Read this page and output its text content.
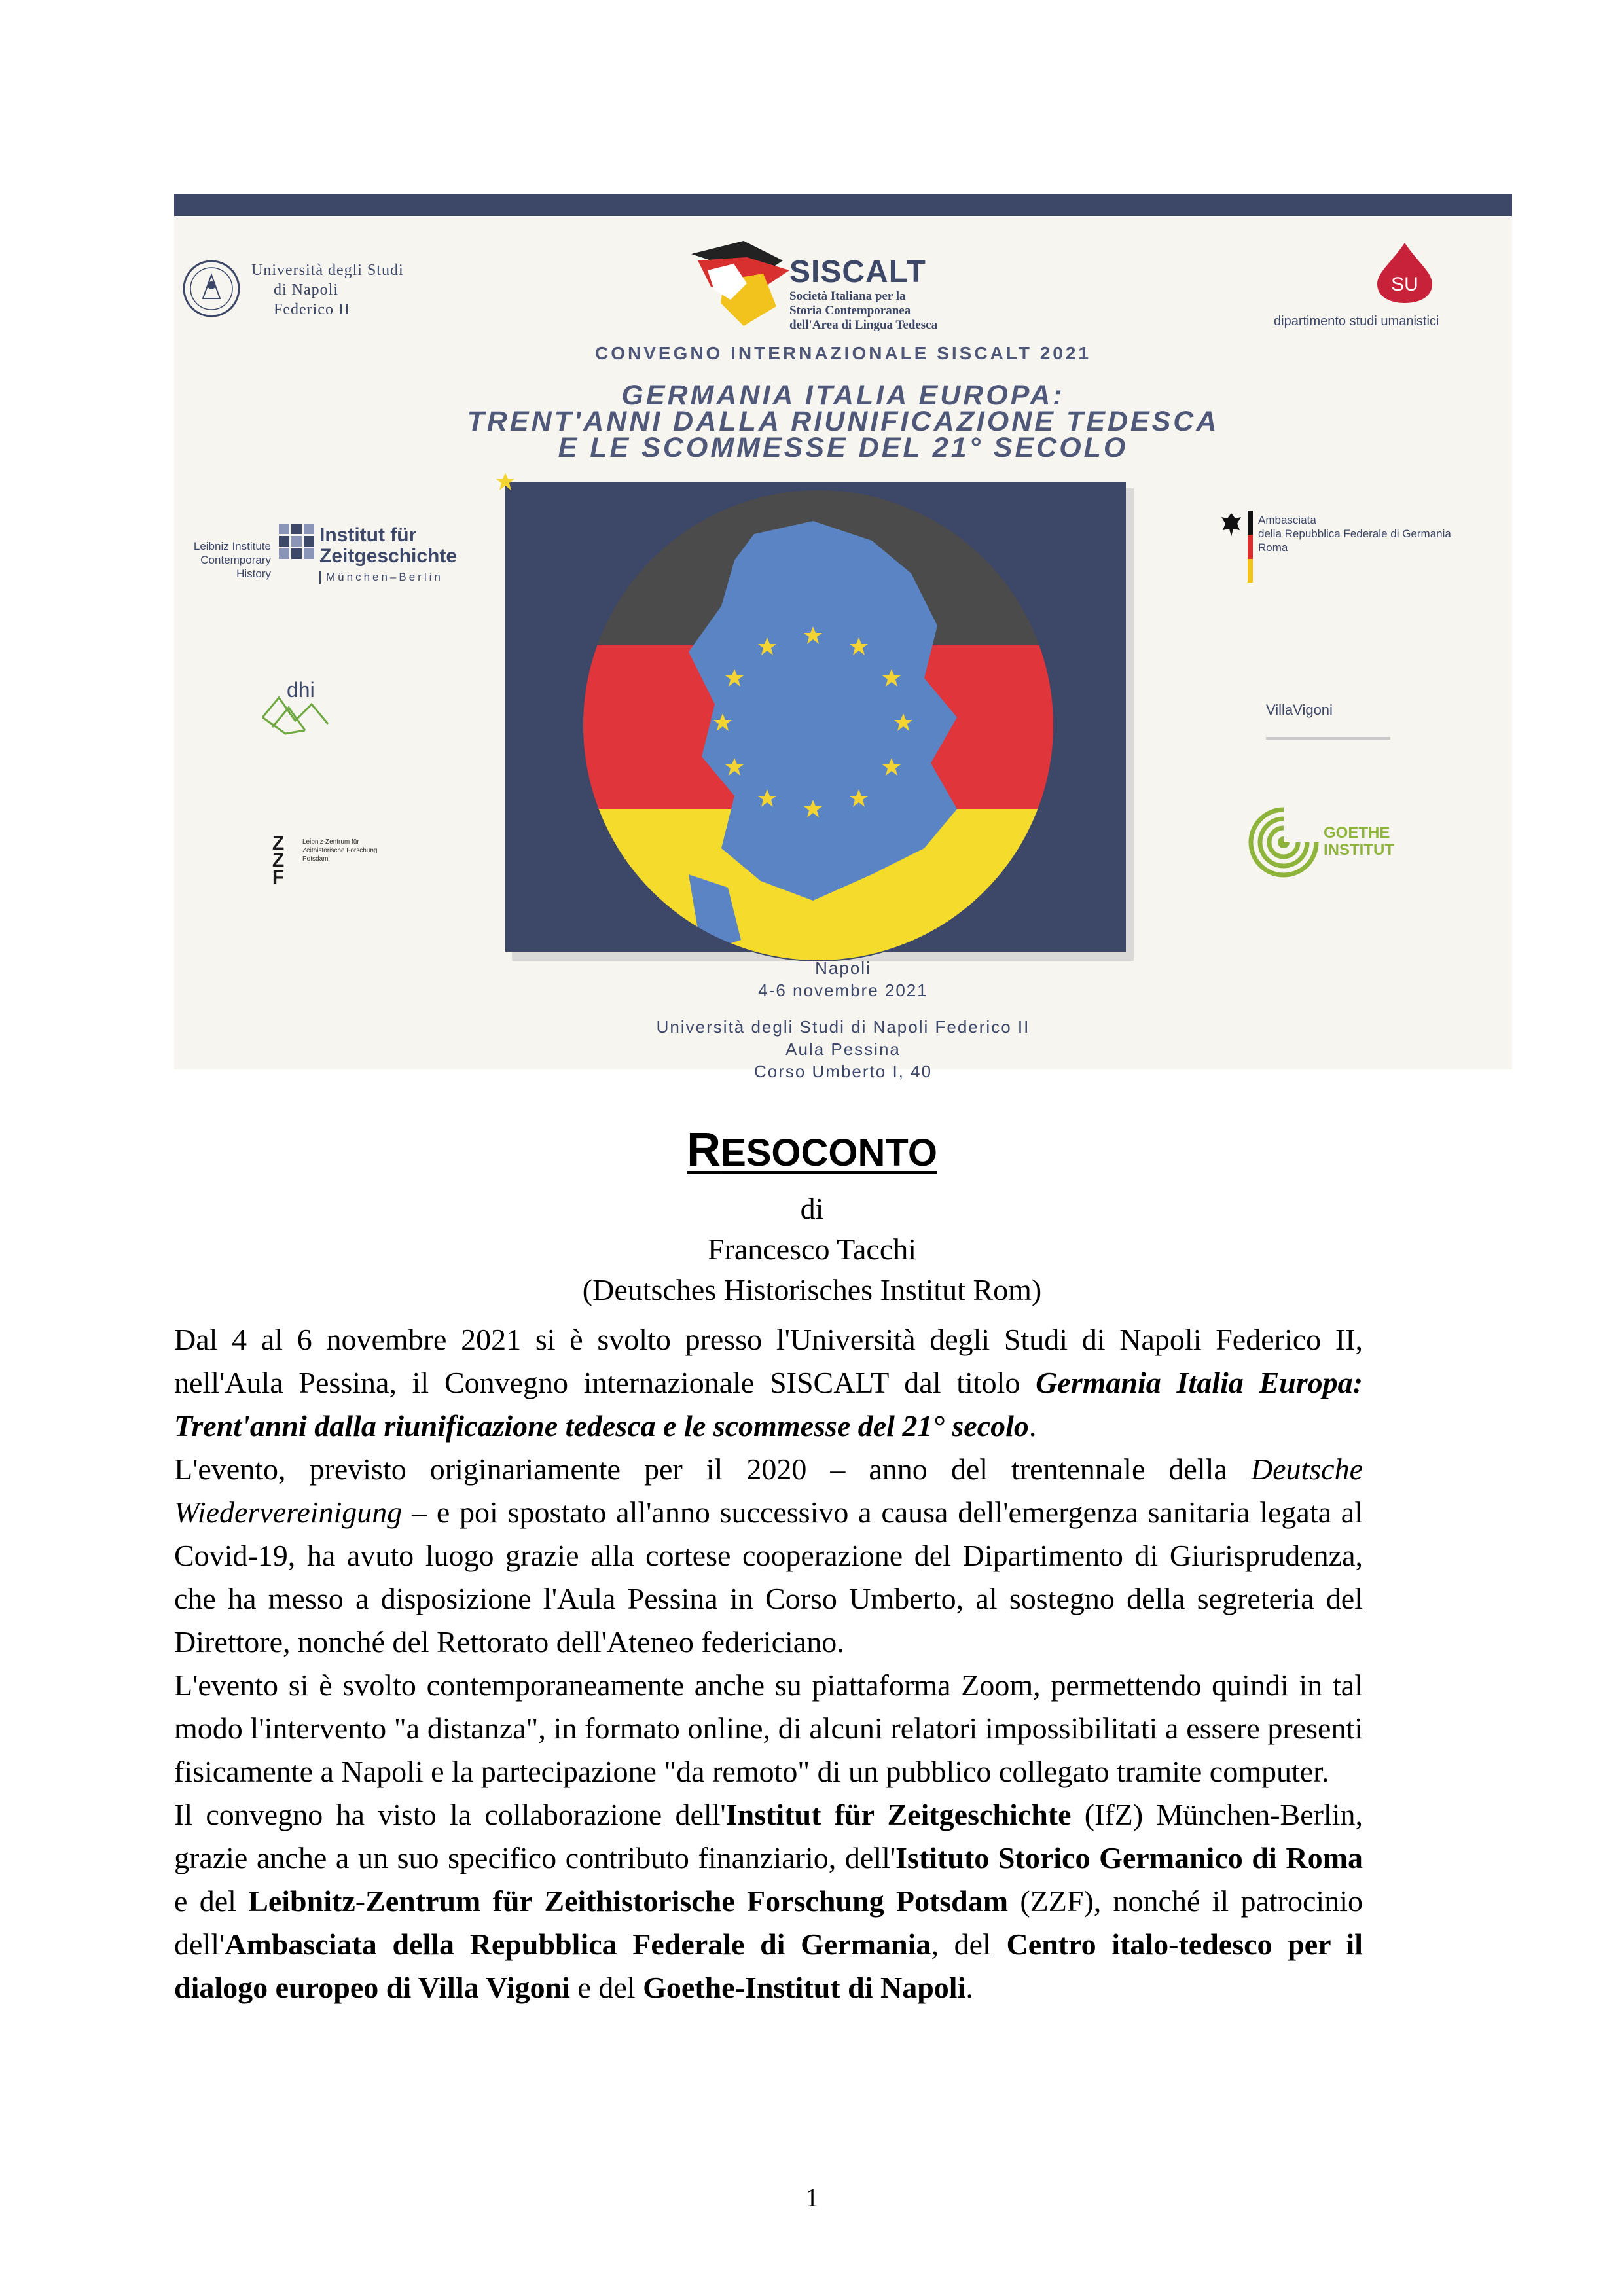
Università degli Studi
di Napoli
Federico II
SISCALT
Società Italiana per la
Storia Contemporanea
dell'Area di Lingua Tedesca
SU
dipartimento studi umanistici
CONVEGNO INTERNAZIONALE SISCALT 2021
GERMANIA ITALIA EUROPA:
TRENT'ANNI DALLA RIUNIFICAZIONE TEDESCA
E LE SCOMMESSE DEL 21° SECOLO
Leibniz Institute
Contemporary History
Institut für
Zeitgeschichte
München–Berlin
dhi
Z
Z
F
Leibniz-Zentrum für Zeithistorische Forschung Potsdam
Ambasciata
della Repubblica Federale di Germania
Roma
VillaVigoni
GOETHE
INSTITUT
Napoli
4-6 novembre 2021
Università degli Studi di Napoli Federico II
Aula Pessina
Corso Umberto I, 40
RESOCONTO
di
Francesco Tacchi
(Deutsches Historisches Institut Rom)

Dal 4 al 6 novembre 2021 si è svolto presso l'Università degli Studi di Napoli Federico II, nell'Aula Pessina, il Convegno internazionale SISCALT dal titolo Germania Italia Europa: Trent'anni dalla riunificazione tedesca e le scommesse del 21° secolo.

L'evento, previsto originariamente per il 2020 – anno del trentennale della Deutsche Wiedervereinigung – e poi spostato all'anno successivo a causa dell'emergenza sanitaria legata al Covid-19, ha avuto luogo grazie alla cortese cooperazione del Dipartimento di Giurisprudenza, che ha messo a disposizione l'Aula Pessina in Corso Umberto, al sostegno della segreteria del Direttore, nonché del Rettorato dell'Ateneo federiciano.

L'evento si è svolto contemporaneamente anche su piattaforma Zoom, permettendo quindi in tal modo l'intervento "a distanza", in formato online, di alcuni relatori impossibilitati a essere presenti fisicamente a Napoli e la partecipazione "da remoto" di un pubblico collegato tramite computer.

Il convegno ha visto la collaborazione dell'Institut für Zeitgeschichte (IfZ) München-Berlin, grazie anche a un suo specifico contributo finanziario, dell'Istituto Storico Germanico di Roma e del Leibnitz-Zentrum für Zeithistorische Forschung Potsdam (ZZF), nonché il patrocinio dell'Ambasciata della Repubblica Federale di Germania, del Centro italo-tedesco per il dialogo europeo di Villa Vigoni e del Goethe-Institut di Napoli.

1
